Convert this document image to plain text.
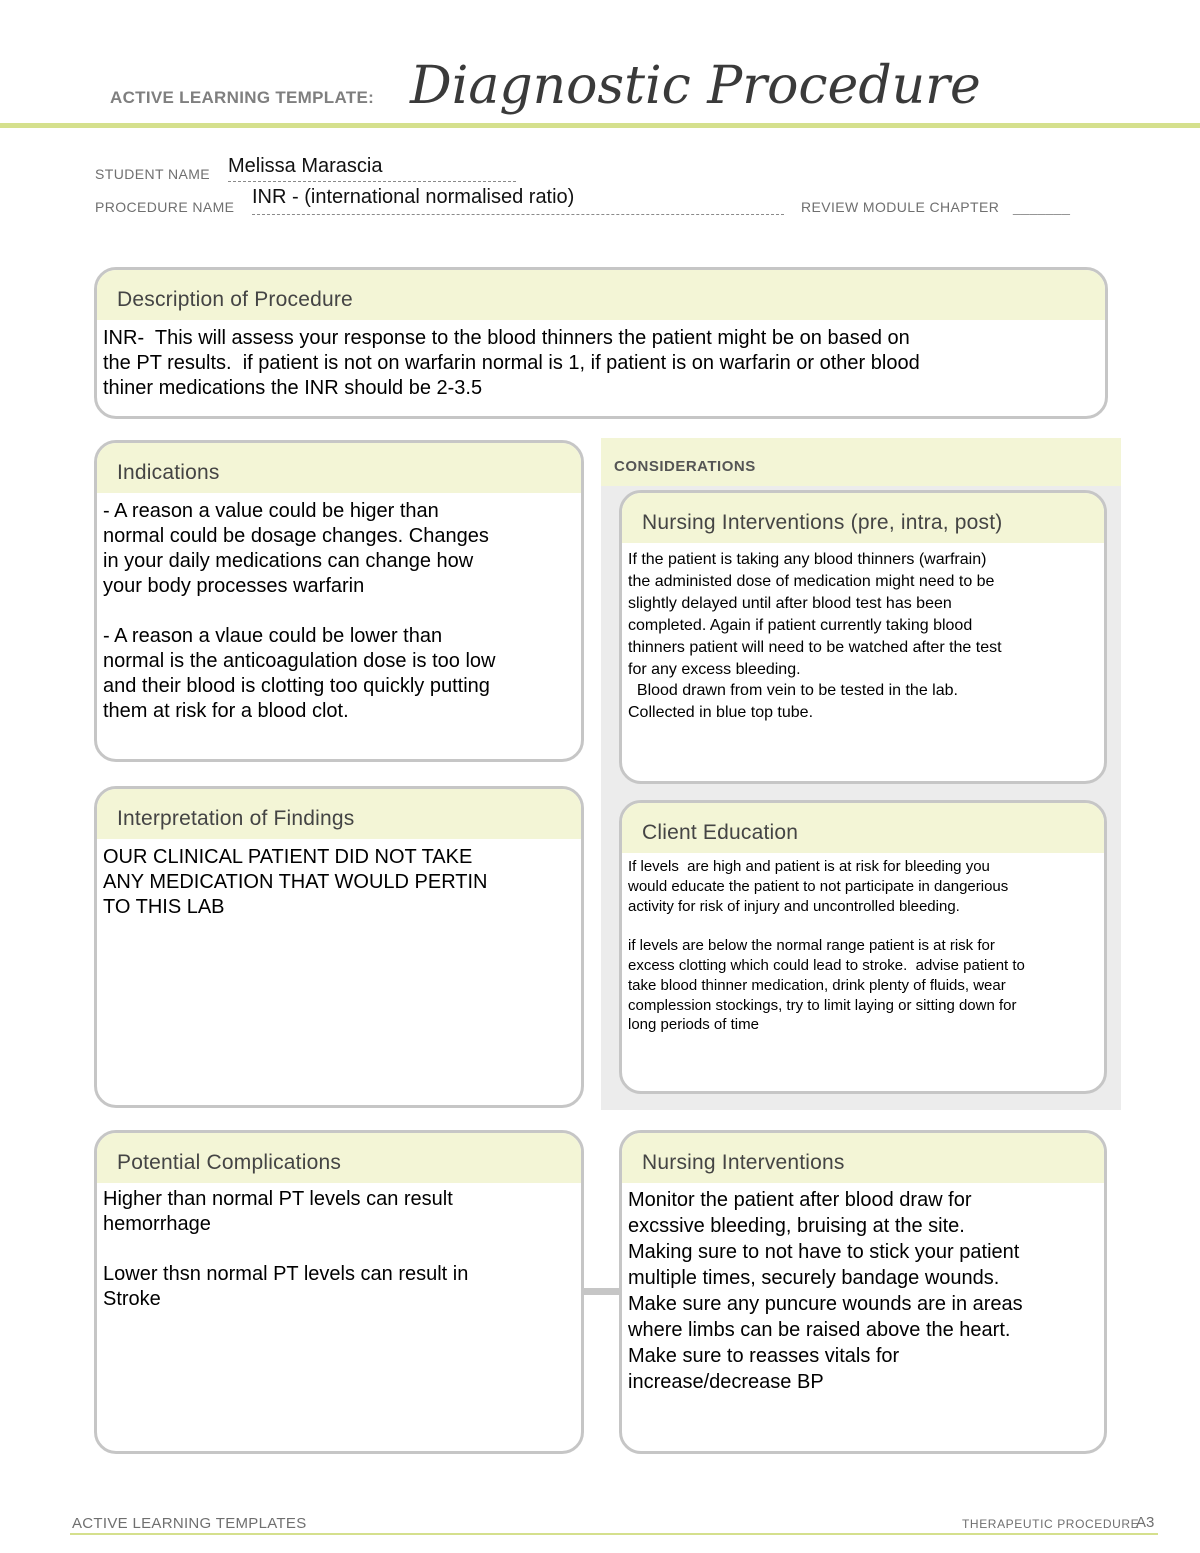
ACTIVE LEARNING TEMPLATE: Diagnostic Procedure
STUDENT NAME Melissa Marascia
PROCEDURE NAME INR - (international normalised ratio)	REVIEW MODULE CHAPTER _______
Description of Procedure
INR-  This will assess your response to the blood thinners the patient might be on based on
the PT results.  if patient is not on warfarin normal is 1, if patient is on warfarin or other blood
thiner medications the INR should be 2-3.5
Indications
- A reason a value could be higer than
normal could be dosage changes. Changes
in your daily medications can change how
your body processes warfarin

- A reason a vlaue could be lower than
normal is the anticoagulation dose is too low
and their blood is clotting too quickly putting
them at risk for a blood clot.
CONSIDERATIONS
Nursing Interventions (pre, intra, post)
If the patient is taking any blood thinners (warfrain)
the administed dose of medication might need to be
slightly delayed until after blood test has been
completed. Again if patient currently taking blood
thinners patient will need to be watched after the test
for any excess bleeding.
Blood drawn from vein to be tested in the lab.
Collected in blue top tube.
Client Education
If levels  are high and patient is at risk for bleeding you
would educate the patient to not participate in dangerious
activity for risk of injury and uncontrolled bleeding.

if levels are below the normal range patient is at risk for
excess clotting which could lead to stroke.  advise patient to
take blood thinner medication, drink plenty of fluids, wear
complession stockings, try to limit laying or sitting down for
long periods of time
Interpretation of Findings
OUR CLINICAL PATIENT DID NOT TAKE
ANY MEDICATION THAT WOULD PERTIN
TO THIS LAB
Potential Complications
Higher than normal PT levels can result
hemorrhage

Lower thsn normal PT levels can result in
Stroke
Nursing Interventions
Monitor the patient after blood draw for
excssive bleeding, bruising at the site.
Making sure to not have to stick your patient
multiple times, securely bandage wounds.
Make sure any puncure wounds are in areas
where limbs can be raised above the heart.
Make sure to reasses vitals for
increase/decrease BP
ACTIVE LEARNING TEMPLATES	THERAPEUTIC PROCEDURE
A3
